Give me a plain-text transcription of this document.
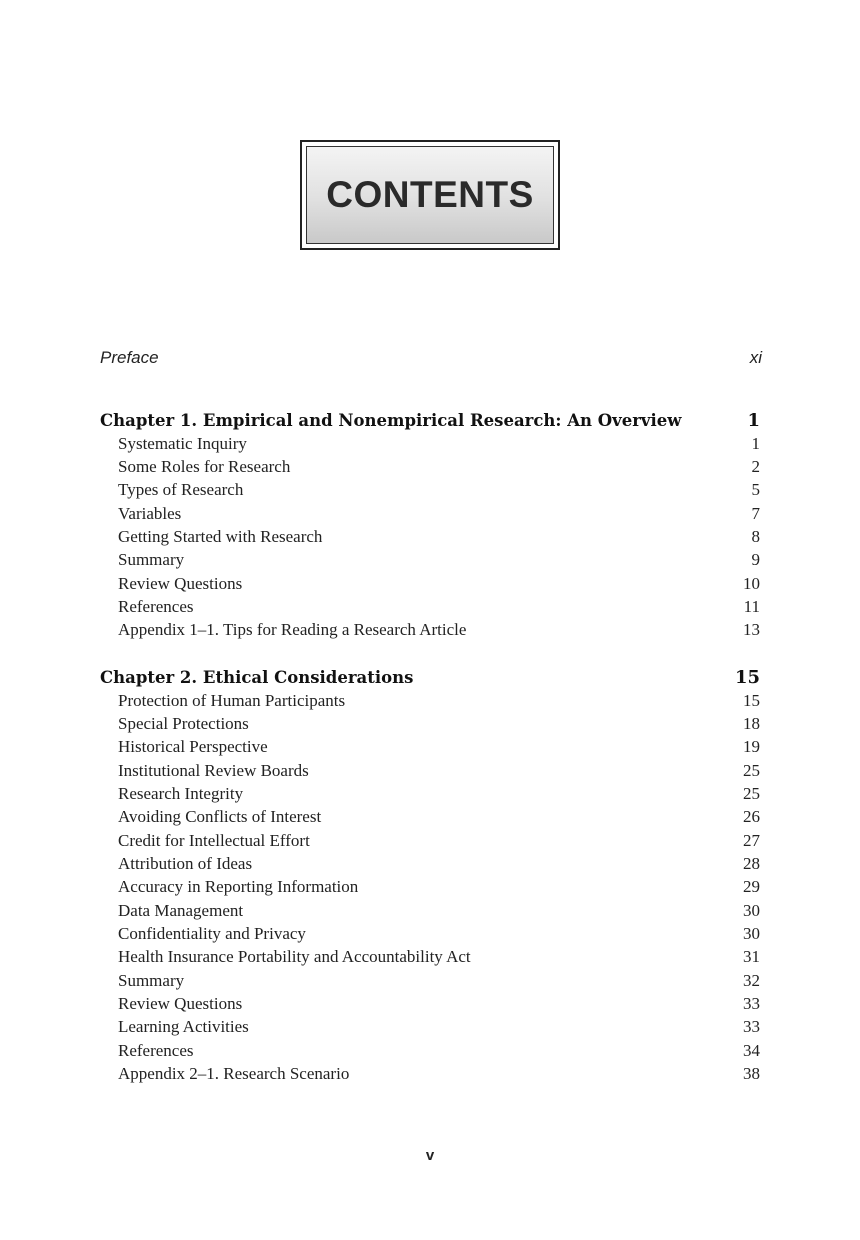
CONTENTS
Preface	xi
Chapter 1. Empirical and Nonempirical Research: An Overview	1
Systematic Inquiry	1
Some Roles for Research	2
Types of Research	5
Variables	7
Getting Started with Research	8
Summary	9
Review Questions	10
References	11
Appendix 1–1. Tips for Reading a Research Article	13
Chapter 2. Ethical Considerations	15
Protection of Human Participants	15
Special Protections	18
Historical Perspective	19
Institutional Review Boards	25
Research Integrity	25
Avoiding Conflicts of Interest	26
Credit for Intellectual Effort	27
Attribution of Ideas	28
Accuracy in Reporting Information	29
Data Management	30
Confidentiality and Privacy	30
Health Insurance Portability and Accountability Act	31
Summary	32
Review Questions	33
Learning Activities	33
References	34
Appendix 2–1. Research Scenario	38
v
